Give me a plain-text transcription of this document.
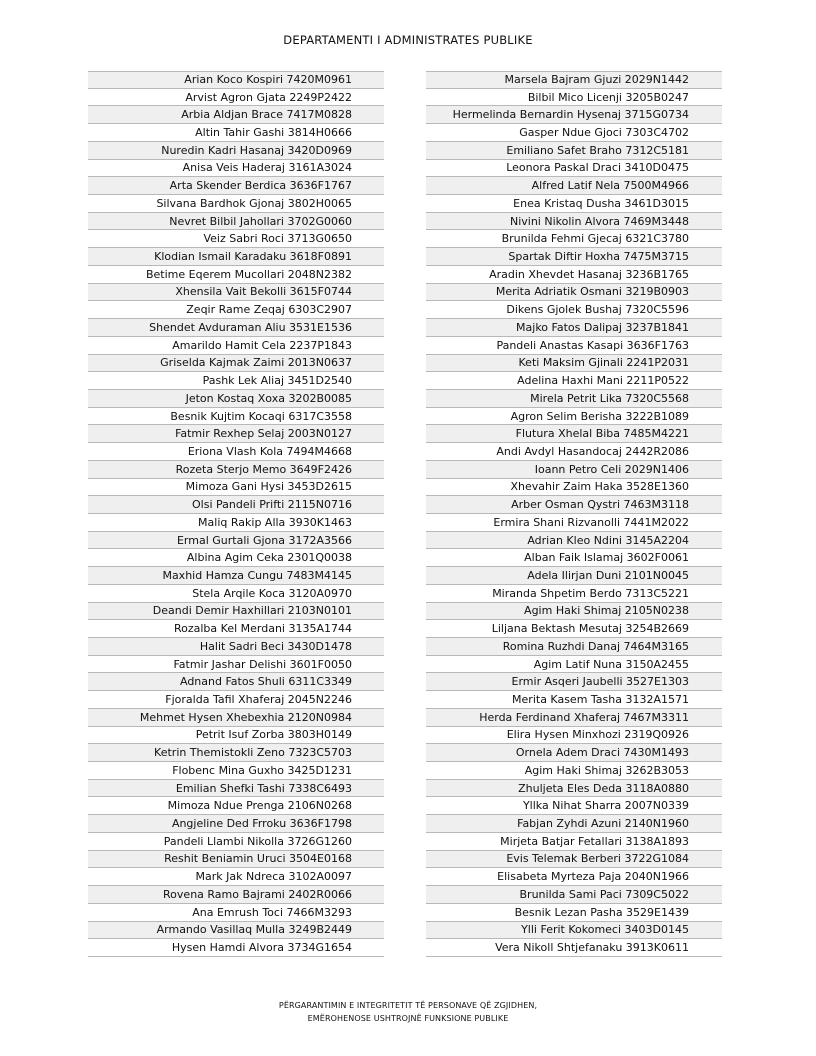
DEPARTAMENTI I ADMINISTRATES PUBLIKE
Arian Koco Kospiri 7420M0961
Arvist Agron Gjata 2249P2422
Arbia Aldjan Brace 7417M0828
Altin Tahir Gashi 3814H0666
Nuredin Kadri Hasanaj 3420D0969
Anisa Veis Haderaj 3161A3024
Arta Skender Berdica 3636F1767
Silvana Bardhok Gjonaj 3802H0065
Nevret Bilbil Jahollari 3702G0060
Veiz Sabri Roci 3713G0650
Klodian Ismail Karadaku 3618F0891
Betime Eqerem Mucollari 2048N2382
Xhensila Vait Bekolli 3615F0744
Zeqir Rame Zeqaj 6303C2907
Shendet Avduraman Aliu 3531E1536
Amarildo Hamit Cela 2237P1843
Griselda Kajmak Zaimi 2013N0637
Pashk Lek Aliaj 3451D2540
Jeton Kostaq Xoxa 3202B0085
Besnik Kujtim Kocaqi 6317C3558
Fatmir Rexhep Selaj 2003N0127
Eriona Vlash Kola 7494M4668
Rozeta Sterjo Memo 3649F2426
Mimoza Gani Hysi 3453D2615
Olsi Pandeli Prifti 2115N0716
Maliq Rakip Alla 3930K1463
Ermal Gurtali Gjona 3172A3566
Albina Agim Ceka 2301Q0038
Maxhid Hamza Cungu 7483M4145
Stela Arqile Koca 3120A0970
Deandi Demir Haxhillari 2103N0101
Rozalba Kel Merdani 3135A1744
Halit Sadri Beci 3430D1478
Fatmir Jashar Delishi 3601F0050
Adnand Fatos Shuli 6311C3349
Fjoralda Tafil Xhaferaj 2045N2246
Mehmet Hysen Xhebexhia 2120N0984
Petrit Isuf Zorba 3803H0149
Ketrin Themistokli Zeno 7323C5703
Flobenc Mina Guxho 3425D1231
Emilian Shefki Tashi 7338C6493
Mimoza Ndue Prenga 2106N0268
Angjeline Ded Frroku 3636F1798
Pandeli Llambi Nikolla 3726G1260
Reshit Beniamin Uruci 3504E0168
Mark Jak Ndreca 3102A0097
Rovena Ramo Bajrami 2402R0066
Ana Emrush Toci 7466M3293
Armando Vasillaq Mulla 3249B2449
Hysen Hamdi Alvora 3734G1654
Marsela Bajram Gjuzi 2029N1442
Bilbil Mico Licenji 3205B0247
Hermelinda Bernardin Hysenaj 3715G0734
Gasper Ndue Gjoci 7303C4702
Emiliano Safet Braho 7312C5181
Leonora Paskal Draci 3410D0475
Alfred Latif Nela 7500M4966
Enea Kristaq Dusha 3461D3015
Nivini Nikolin Alvora 7469M3448
Brunilda Fehmi Gjecaj 6321C3780
Spartak Diftir Hoxha 7475M3715
Aradin Xhevdet Hasanaj 3236B1765
Merita Adriatik Osmani 3219B0903
Dikens Gjolek Bushaj 7320C5596
Majko Fatos Dalipaj 3237B1841
Pandeli Anastas Kasapi 3636F1763
Keti Maksim Gjinali 2241P2031
Adelina Haxhi Mani 2211P0522
Mirela Petrit Lika 7320C5568
Agron Selim Berisha 3222B1089
Flutura Xhelal Biba 7485M4221
Andi Avdyl Hasandocaj 2442R2086
Ioann Petro Celi 2029N1406
Xhevahir Zaim Haka 3528E1360
Arber Osman Qystri 7463M3118
Ermira Shani Rizvanolli 7441M2022
Adrian Kleo Ndini 3145A2204
Alban Faik Islamaj 3602F0061
Adela Ilirjan Duni 2101N0045
Miranda Shpetim Berdo 7313C5221
Agim Haki Shimaj 2105N0238
Liljana Bektash Mesutaj 3254B2669
Romina Ruzhdi Danaj 7464M3165
Agim Latif Nuna 3150A2455
Ermir Asqeri Jaubelli 3527E1303
Merita Kasem Tasha 3132A1571
Herda Ferdinand Xhaferaj 7467M3311
Elira Hysen Minxhozi 2319Q0926
Ornela Adem Draci 7430M1493
Agim Haki Shimaj 3262B3053
Zhuljeta Eles Deda 3118A0880
Yllka Nihat Sharra 2007N0339
Fabjan Zyhdi Azuni 2140N1960
Mirjeta Batjar Fetallari 3138A1893
Evis Telemak Berberi 3722G1084
Elisabeta Myrteza Paja 2040N1966
Brunilda Sami Paci 7309C5022
Besnik Lezan Pasha 3529E1439
Ylli Ferit Kokomeci 3403D0145
Vera Nikoll Shtjefanaku 3913K0611
PËRGARANTIMIN E INTEGRITETIT TË PERSONAVE QË ZGJIDHEN,
EMËROHENOSE USHTROJNË FUNKSIONE PUBLIKE
